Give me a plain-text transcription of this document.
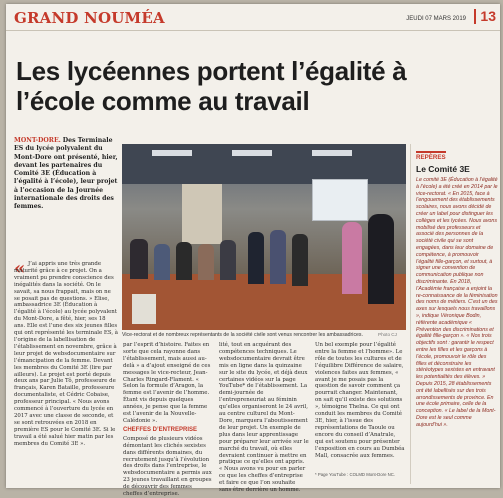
GRAND NOUMÉA	JEUDI 07 MARS 2019	13
Les lycéennes portent l’égalité à l’école comme au travail
MONT-DORE. Des Terminale ES du lycée polyvalent du Mont-Dore ont présenté, hier, devant les partenaires du Comité 3E (Éducation à l’égalité à l’école), leur projet à l’occasion de la Journée internationale des droits des femmes.
« J’ai appris une très grande maturité grâce à ce projet. On a vraiment pu prendre conscience des inégalités dans la société. On le savait, sa nous frappait, mais on ne se posait pas de questions. » Elise, ambassadrice 3E (Éducation à l’égalité à l’école) au lycée polyvalent du Mont-Dore, a fêté, hier, ses 18 ans. Elle est l’une des six jeunes filles qui ont représenté les terminale ES, à l’origine de la labellisation de l’établissement en novembre, grâce à leur projet de websdocumentaire sur l’émancipation de la femme. Devant les membres du Comité 3E (lire par ailleurs). Le projet est porté depuis deux ans par Julie Tô, professeure de français, Karen Bataille, professeure documentaliste, et Cédric Cobaise, professeur principal. « Nous avons commencé à l’ouverture du lycée en 2017 avec une classe de seconde, et se sont retrouvées en 2018 en première ES pour le Comité 3E. Si le travail a été salué hier matin par les membres du Comité 3E ».

Vice-rectorat et de nombreux représentants de la société civile sont venus rencontrer les ambassadrices.	Photo CJ
par l’esprit d’histoire. Faites en sorte que cela rayonne dans l’établissement, mais aussi au-delà » a d’ajout enseigné de ces messages le vice-recteur, Jean-Charles Ringard-Flament. « Selon la formule d’Aragon, la femme est l’avenir de l’homme. Étant vis depuis quelques années, je pense que la femme est l’avenir de la Nouvelle-Calédonie ».
CHEFFES D’ENTREPRISE
Composé de plusieurs vidéos démontant les clichés sexistes dans différents domaines, du recrutement jusqu’à l’évolution des droits dans l’entreprise, le websdocumentaire a permis aux 23 jeunes travaillant en groupes de découvrir des femmes cheffes d’entreprise.

lité, tout en acquérant des compétences techniques. Le websdocumentaire devrait être mis en ligne dans la quinzaine sur le site du lycée, et déjà deux certaines vidéos sur la page YouTube* de l’établissement. La demi-journée de l’entrepreneuriat au féminin qu’elles organiseront le 24 avril, au centre culturel du Mont-Dore, marquera l’aboutissement de leur projet. Un exemple de plus dans leur apprentissage pour préparer leur arrivée sur le marché du travail, où elles devraient continuer à mettre en pratique ce qu’elles ont appris. « Nous avons vu pour en parler ce que les cheffes d’entreprise et faire ce que l’on souhaite sans être derrière un homme.

Un bel exemple pour l’égalité entre la femme et l’homme». Le rôle de toutes les cultures et de l’équilibre Différence de salaire, violences faites aux femmes, « avant je me posais pas la question de savoir comment ça pourrait changer. Maintenant, on sait qu’il existe des solutions », témoigne Thelna. Ce qui ont conduit les membres du Comité 3E, hier, à l’issue des représentations de Taoule ou encore du conseil d’Anatrale, qui est soutenu pour présenter l’exposition en cours au Dumbéa Mall, consacrée aux femmes.

* Page YouTube : COLMD Mont-Dore NC.
REPÈRES
Le Comité 3E

Le comité 3E (Éducation à l’égalité à l’école) a été créé en 2014 par le vice-rectorat. « En 2015, face à l’engouement des établissements scolaires, nous avons décidé de créer un label pour distinguer les collèges et les lycées. Nous avons mobilisé des professeurs et associé des personnes de la société civile qui se sont engagées, dans leur domaine de compétence, à promouvoir l’égalité fille-garçon, et surtout, à signer une convention de communication publique non discriminante. En 2018, l’Académie française a enjoint la re-connaissance de la féminisation des noms de métiers. C’est un des axes sur lesquels nous travaillons », indique Véronique Bodin, référente académique « Prévention des discriminations et égalité fille-garçon ». « Nos trois objectifs sont : garantir le respect entre les filles et les garçons à l’école, promouvoir le rôle des filles et déconstruire les stéréotypes sexistes en entravant les potentialités des élèves. » Depuis 2015, 28 établissements ont été labellisés sur des trois arrondissements de province. En une école primaire, celle de la conception. « Le label de la Mont-Dore est le seul comme aujourd’hui ».
